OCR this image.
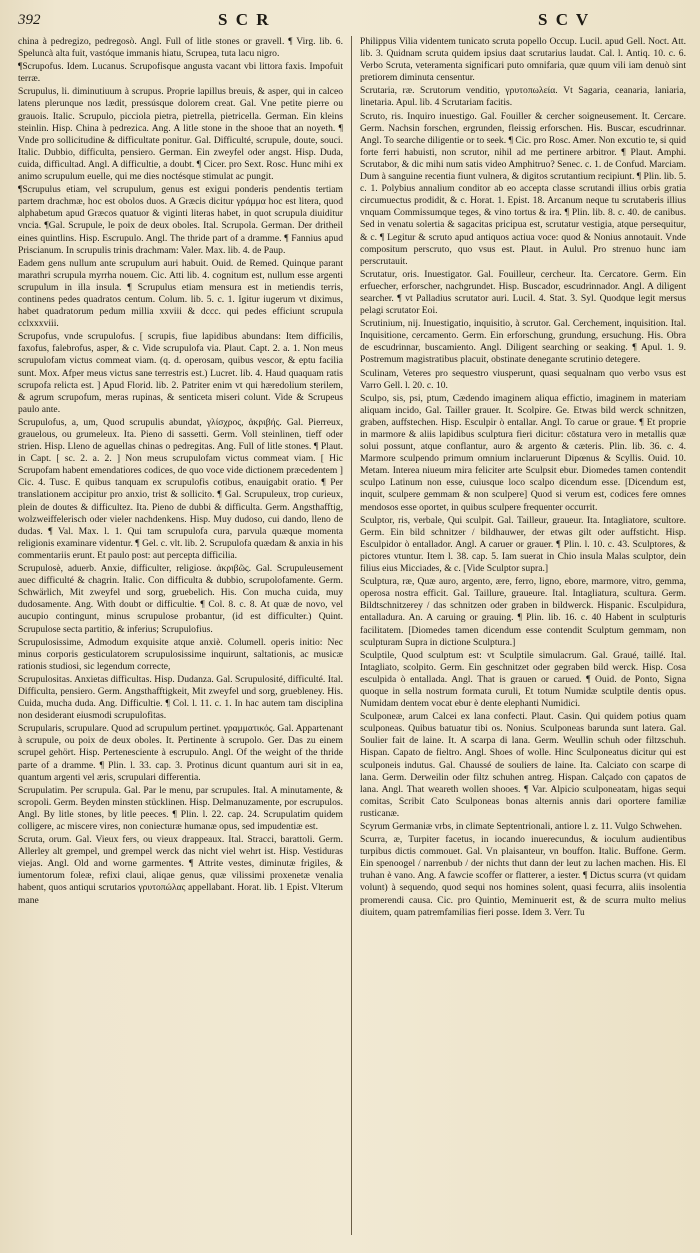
392	S C R	S C V

china à pedregizo, pedregosò. Angl. Full of litle stones or gravell. ¶ Virg. lib. 6. Speluncà alta fuit, vastóque immanis hiatu, Scrupea, tuta lacu nigro.

¶Scrupofus. Idem. Lucanus. Scrupofisque angusta vacant vbi littora faxis. Impofuit terræ.

Scrupulus, li. diminutiuum à scrupus. Proprie lapillus breuis, & asper, qui in calceo latens plerunque nos lædit, pressúsque dolorem creat. Gal. Vne petite pierre ou grauois. Italic. Scrupulo, picciola pietra, pietrella, pietricella. German. Ein kleins steinlin. Hisp. China à pedrezica. Ang. A litle stone in the shooe that an noyeth. ¶ Vnde pro sollicitudine & difficultate ponitur. Gal. Difficulté, scrupule, doute, souci. Italic. Dubbio, difficulta, pensiero. German. Ein zweyfel oder angst. Hisp. Duda, cuida, difficultad. Angl. A difficultie, a doubt. ¶ Cicer. pro Sext. Rosc. Hunc mihi ex animo scrupulum euelle, qui me dies noctésque stimulat ac pungit.

¶Scrupulus etiam, vel scrupulum, genus est exigui ponderis pendentis tertiam partem drachmæ, hoc est obolos duos. A Græcis dicitur γράμμα hoc est litera, quod alphabetum apud Græcos quatuor & viginti literas habet, in quot scrupula diuiditur vncia. ¶Gal. Scrupule, le poix de deux oboles. Ital. Scrupola. German. Der dritheil eines quintlins. Hisp. Escrupulo. Angl. The thride part of a dramme. ¶ Fannius apud Priscianum. In scrupulis trinis drachmam: Valer. Max. lib. 4. de Paup.

Eadem gens nullum ante scrupulum auri habuit. Ouid. de Remed. Quinque parant marathri scrupula myrrha nouem. Cic. Atti lib. 4. cognitum est, nullum esse argenti scrupulum in illa insula. ¶ Scrupulus etiam mensura est in metiendis terris, continens pedes quadratos centum. Colum. lib. 5. c. 1. Igitur iugerum vt diximus, habet quadratorum pedum millia xxviii & dccc. qui pedes efficiunt scrupula cclxxxviii.

Scrupofus, vnde scrupulofus. [ scrupis, fiue lapidibus abundans: Item difficilis, faxofus, falebrofus, asper, & c. Vide scrupulofa via. Plaut. Capt. 2. a. 1. Non meus scrupulofam victus commeat viam. (q. d. operosam, quibus vescor, & eptu facilia sunt. Mox. Afper meus victus sane terrestris est.) Lucret. lib. 4. Haud quaquam ratis scrupofa relicta est. ] Apud Florid. lib. 2. Patriter enim vt qui hæredolium sterilem, & agrum scrupofum, meras rupinas, & senticeta miseri colunt. Vide & Scrupeus paulo ante.

Scrupulofus, a, um, Quod scrupulis abundat, γλίσχρος, ἀκριβής. Gal. Pierreux, grauelous, ou grumeleux. Ita. Pieno di sassetti. Germ. Voll steinlinen, tieff oder strien. Hisp. Lleno de aguellas chinas o pedregitas. Ang. Full of litle stones. ¶ Plaut. in Capt. [ sc. 2. a. 2. ] Non meus scrupulofam victus commeat viam. [ Hic Scrupofam habent emendatiores codices, de quo voce vide dictionem præcedentem ] Cic. 4. Tusc. E quibus tanquam ex scrupulofis cotibus, enauigabit oratio. ¶ Per translationem accipitur pro anxio, trist & sollicito. ¶ Gal. Scrupuleux, trop curieux, plein de doutes & difficultez. Ita. Pieno de dubbi & difficulta. Germ. Angsthafftig, wolzweiffelerisch oder vieler nachdenkens. Hisp. Muy dudoso, cui dando, lleno de dudas. ¶ Val. Max. l. 1. Qui tam scrupulofa cura, parvula quæque momenta religionis examinare videntur. ¶ Gel. c. vlt. lib. 2. Scrupulofa quædam & anxia in his commentariis erunt. Et paulo post: aut percepta difficilia.

Scrupulosè, aduerb. Anxie, difficulter, religiose. ἀκριβῶς. Gal. Scrupuleusement auec difficulté & chagrin. Italic. Con difficulta & dubbio, scrupolofamente. Germ. Schwärlich, Mit zweyfel und sorg, gruebelich. His. Con mucha cuida, muy dudosamente. Ang. With doubt or difficultie. ¶ Col. 8. c. 8. At quæ de novo, vel aucupio contingunt, minus scrupulose probantur, (id est difficulter.) Quint. Scrupulose secta partitio, & inferius; Scrupulofius.

Scrupulosissime, Admodum exquisite atque anxiè. Columell. operis initio: Nec minus corporis gesticulatorem scrupulosissime inquirunt, saltationis, ac musicæ rationis studiosi, sic legendum correcte,

Scrupulositas. Anxietas difficultas. Hisp. Dudanza. Gal. Scrupulosité, difficulté. Ital. Difficulta, pensiero. Germ. Angsthafftigkeit, Mit zweyfel und sorg, gruebleney. His. Cuida, mucha duda. Ang. Difficultie. ¶ Col. l. 11. c. 1. In hac autem tam disciplina non desiderant eiusmodi scrupulofitas.

Scrupularis, scrupulare. Quod ad scrupulum pertinet. γραμματικός. Gal. Appartenant à scrupule, ou poix de deux oboles. It. Pertinente à scrupolo. Ger. Das zu einem scrupel gehört. Hisp. Pertenesciente à escrupulo. Angl. Of the weight of the thride parte of a dramme. ¶ Plin. l. 33. cap. 3. Protinus dicunt quantum auri sit in ea, quantum argenti vel æris, scrupulari differentia.

Scrupulatim. Per scrupula. Gal. Par le menu, par scrupules. Ital. A minutamente, & scropoli. Germ. Beyden minsten stücklinen. Hisp. Delmanuzamente, por escrupulos. Angl. By litle stones, by litle peeces. ¶ Plin. l. 22. cap. 24. Scrupulatim quidem colligere, ac miscere vires, non coniecturæ humanæ opus, sed impudentiæ est.

Scruta, orum. Gal. Vieux fers, ou vieux drappeaux. Ital. Stracci, barattoli. Germ. Allerley alt grempel, und grempel werck das nicht viel wehrt ist. Hisp. Vestiduras viejas. Angl. Old and worne garmentes. ¶ Attrite vestes, diminutæ frigiles, & iumentorum foleæ, refixi claui, aliqae genus, quæ vilissimi proxenetæ venalia habent, quos antiqui scrutarios γρυτοπώλας appellabant. Horat. lib. 1 Epist. Vlterum mane

Philippus Vilia videntem tunicato scruta popello Occup. Lucil. apud Gell. Noct. Att. lib. 3. Quidnam scruta quidem ipsius daat scrutarius laudat. Cal. l. Antiq. 10. c. 6. Verbo Scruta, veteramenta significari puto omnifaria, quæ quum vili iam denuò sint pretiorem diminuta censentur.

Scrutaria, ræ. Scrutorum venditio, γρυτοπωλεία. Vt Sagaria, ceanaria, laniaria, linetaria. Apul. lib. 4 Scrutariam facitis.

Scruto, ris. Inquiro inuestigo. Gal. Fouiller & cercher soigneusement. It. Cercare. Germ. Nachsin forschen, ergrunden, fleissig erforschen. His. Buscar, escudrinnar. Angl. To searche diligentie or to seek. ¶ Cic. pro Rosc. Amer. Non excutio te, si quid forte ferri habuisti, non scrutor, nihil ad me pertinere arbitror. ¶ Plaut. Amphi. Scrutabor, & dic mihi num satis video Amphitruo? Senec. c. 1. de Confud. Marciam. Dum à sanguine recentia fiunt vulnera, & digitos scrutantium recipiunt. ¶ Plin. lib. 5. c. 1. Polybius annalium conditor ab eo accepta classe scrutandi illius orbis gratia circumuectus prodidit, & c. Horat. 1. Epist. 18. Arcanum neque tu scrutaberis illius vnquam Commissumque teges, & vino tortus & ira. ¶ Plin. lib. 8. c. 40. de canibus. Sed in venatu solertia & sagacitas pricipua est, scrutatur vestigia, atque persequitur, & c. ¶ Legitur & scruto apud antiquos actiua voce: quod & Nonius annotauit. Vnde compositum perscruto, quo vsus est. Plaut. in Aulul. Pro strenuo hunc iam perscrutauit.

Scrutatur, oris. Inuestigator. Gal. Fouilleur, cercheur. Ita. Cercatore. Germ. Ein erfuecher, erforscher, nachgrundet. Hisp. Buscador, escudrinnador. Angl. A diligent searcher. ¶ vt Palladius scrutator auri. Lucil. 4. Stat. 3. Syl. Quodque legit mersus pelagi scrutator Eoi.

Scrutinium, nij. Inuestigatio, inquisitio, à scrutor. Gal. Cerchement, inquisition. Ital. Inquisitione, cercamento. Germ. Ein erforschung, grundung, ersuchung. His. Obra de escudrinnar, buscamiento. Angl. Diligent searching or seaking. ¶ Apul. 1. 9. Postremum magistratibus placuit, obstinate denegante scrutinio detegere.

Sculinam, Veteres pro sequestro viusperunt, quasi sequalnam quo verbo vsus est Varro Gell. l. 20. c. 10.

Sculpo, sis, psi, ptum, Cædendo imaginem aliqua effictio, imaginem in materiam aliquam incido, Gal. Tailler grauer. It. Scolpire. Ge. Etwas bild werck schnitzen, graben, auffstechen. Hisp. Esculpir ò entallar. Angl. To carue or graue. ¶ Et proprie in marmore & aliis lapidibus sculptura fieri dicitur: cōstatura vero in metallis quæ solui possunt, atque conflantur, auro & argento & cæteris. Plin. lib. 36. c. 4. Marmore sculpendo primum omnium inclaruerunt Dipœnus & Scyllis. Ouid. 10. Metam. Interea niueum mira feliciter arte Sculpsit ebur. Diomedes tamen contendit sculpo Latinum non esse, cuiusque loco scalpo dicendum esse. [Dicendum est, inquit, sculpere gemmam & non sculpere] Quod si verum est, codices fere omnes mendosos esse oportet, in quibus sculpere frequenter occurrit.

Sculptor, ris, verbale, Qui sculpit. Gal. Tailleur, graueur. Ita. Intagliatore, scultore. Germ. Ein bild schnitzer / bildhauwer, der etwas gilt oder auffsticht. Hisp. Esculpidor ò entallador. Angl. A caruer or grauer. ¶ Plin. l. 10. c. 43. Sculptores, & pictores vtuntur. Item l. 38. cap. 5. Iam suerat in Chio insula Malas sculptor, dein filius eius Micciades, & c. [Vide Sculptor supra.]

Sculptura, ræ, Quæ auro, argento, ære, ferro, ligno, ebore, marmore, vitro, gemma, operosa nostra efficit. Gal. Taillure, graueure. Ital. Intagliatura, scultura. Germ. Bildtschnitzerey / das schnitzen oder graben in bildwerck. Hispanic. Esculpidura, entalladura. An. A caruing or grauing. ¶ Plin. lib. 16. c. 40 Habent in sculpturis facilitatem. [Diomedes tamen dicendum esse contendit Sculptum gemmam, non sculpturam Supra in dictione Sculptura.]

Sculptile, Quod sculptum est: vt Sculptile simulacrum. Gal. Graué, taillé. Ital. Intagliato, scolpito. Germ. Ein geschnitzet oder gegraben bild werck. Hisp. Cosa esculpida ò entallada. Angl. That is grauen or carued. ¶ Ouid. de Ponto, Signa quoque in sella nostrum formata curuli, Et totum Numidæ sculptile dentis opus. Numidam dentem vocat ebur è dente elephanti Numidici.

Sculponeæ, arum Calcei ex lana confecti. Plaut. Casin. Qui quidem potius quam sculponeas. Quibus batuatur tibi os. Nonius. Sculponeas barunda sunt latera. Gal. Soulier fait de laine. It. A scarpa di lana. Germ. Weullin schuh oder filtzschuh. Hispan. Capato de fieltro. Angl. Shoes of wolle. Hinc Sculponeatus dicitur qui est sculponeis indutus. Gal. Chaussé de souliers de laine. Ita. Calciato con scarpe di lana. Germ. Derweilin oder filtz schuhen antreg. Hispan. Calçado con çapatos de lana. Angl. That weareth wollen shooes. ¶ Var. Alpicio sculponeatam, higas sequi comitas, Scribit Cato Sculponeas bonas alternis annis dari oportere familiæ rusticanæ.

Scyrum Germaniæ vrbs, in climate Septentrionali, antiore l. z. 11. Vulgo Schwehen.

Scurra, æ, Turpiter facetus, in iocando inuerecundus, & ioculum audientibus turpibus dictis commouet. Gal. Vn plaisanteur, vn bouffon. Italic. Buffone. Germ. Ein spenoogel / narrenbub / der nichts thut dann der leut zu lachen machen. His. El truhan è vano. Ang. A fawcie scoffer or flatterer, a iester. ¶ Dictus scurra (vt quidam volunt) à sequendo, quod sequi nos homines solent, quasi fecurra, aliis insolentia promerendi causa. Cic. pro Quintio, Meminuerit est, & de scurra multo melius diuitem, quam patremfamilias fieri posse. Idem 3. Verr. Tu
